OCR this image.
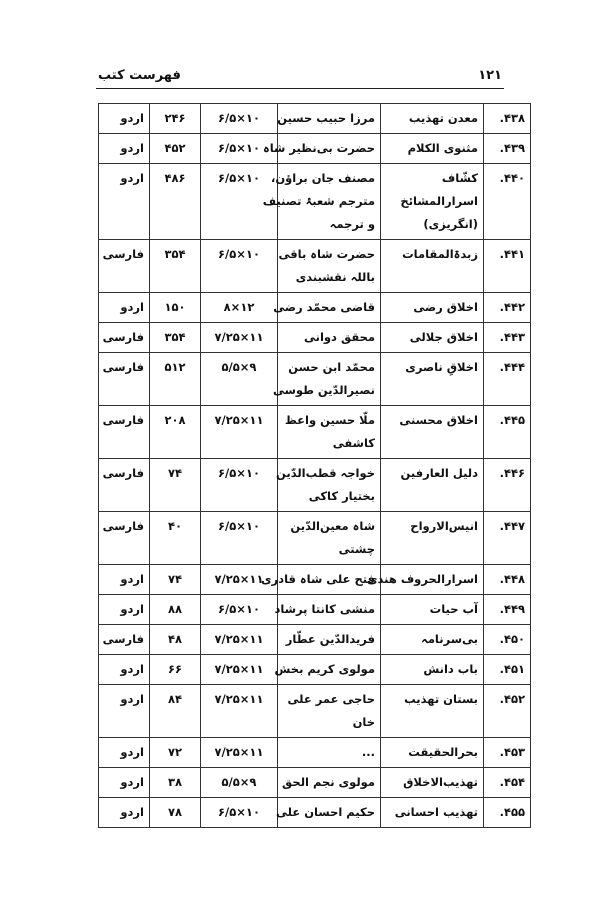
۱۲۱
فهرست کتب
۴۳۸.	معدن تهذیب	مرزا حبیب حسین	۱۰×۶/۵	۲۴۶	اردو
۴۳۹.	مثنوی الکلام	حضرت بی‌نظیر شاہ	۱۰×۶/۵	۴۵۲	اردو
۴۴۰.	کشّاف
اسرارالمشائخ
(انگریزی)	مصنف جان براؤن،
مترجم شعبۂ تصنیف
و ترجمہ	۱۰×۶/۵	۴۸۶	اردو
۴۴۱.	زبدۃالمقامات	حضرت شاہ باقی
باللہ نقشبندی	۱۰×۶/۵	۳۵۴	فارسی
۴۴۲.	اخلاق رضی	قاضی محمّد رضی	۱۲×۸	۱۵۰	اردو
۴۴۳.	اخلاق جلالی	محقق دوانی	۱۱×۷/۲۵	۳۵۴	فارسی
۴۴۴.	اخلاقِ ناصری	محمّد ابن حسن
نصیرالدّین طوسی	۹×۵/۵	۵۱۲	فارسی
۴۴۵.	اخلاق محسنی	ملّا حسین واعظ
کاشفی	۱۱×۷/۲۵	۲۰۸	فارسی
۴۴۶.	دلیل العارفین	خواجہ قطب‌الدّین
بختیار کاکی	۱۰×۶/۵	۷۴	فارسی
۴۴۷.	انیس‌الارواح	شاہ معین‌الدّین
چشتی	۱۰×۶/۵	۴۰	فارسی
۴۴۸.	اسرارالحروف هندی	فتح علی شاہ قادری	۱۱×۷/۲۵	۷۴	اردو
۴۴۹.	آب حیات	منشی کانتا پرشاد	۱۰×۶/۵	۸۸	اردو
۴۵۰.	بی‌سرنامہ	فریدالدّین عطّار	۱۱×۷/۲۵	۴۸	فارسی
۴۵۱.	باب دانش	مولوی کریم بخش	۱۱×۷/۲۵	۶۶	اردو
۴۵۲.	بستان تهذیب	حاجی عمر علی
خان	۱۱×۷/۲۵	۸۴	اردو
۴۵۳.	بحرالحقیقت	...	۱۱×۷/۲۵	۷۲	اردو
۴۵۴.	تهذیب‌الاخلاق	مولوی نجم الحق	۹×۵/۵	۳۸	اردو
۴۵۵.	تهذیب احسانی	حکیم احسان علی	۱۰×۶/۵	۷۸	اردو
